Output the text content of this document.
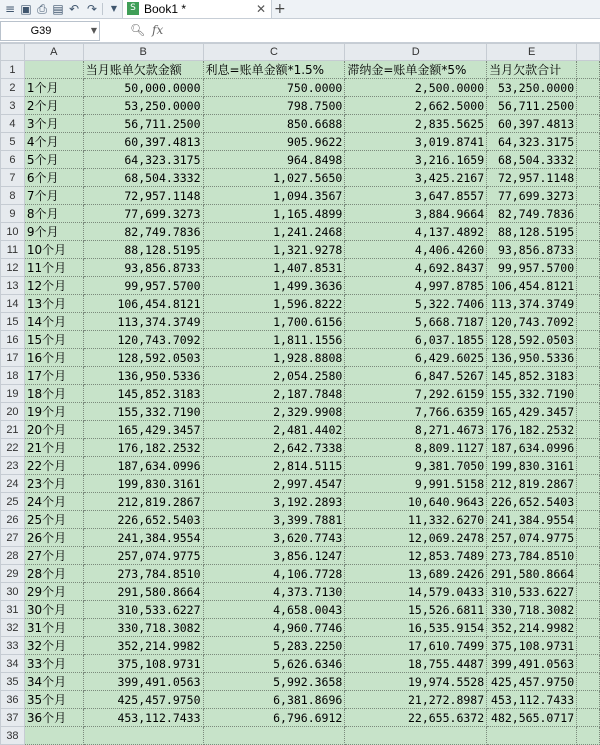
≡ ▣ ⎙ ▤ ↶ ↷	▼	S Book1 *	✕ +
G39	▼	🔍︎ fx
	A	B	C	D	E	
1		当月账单欠款金额	利息=账单金额*1.5%	滞纳金=账单金额*5%	当月欠款合计	
2	1个月	50,000.0000	750.0000	2,500.0000	53,250.0000	
3	2个月	53,250.0000	798.7500	2,662.5000	56,711.2500	
4	3个月	56,711.2500	850.6688	2,835.5625	60,397.4813	
5	4个月	60,397.4813	905.9622	3,019.8741	64,323.3175	
6	5个月	64,323.3175	964.8498	3,216.1659	68,504.3332	
7	6个月	68,504.3332	1,027.5650	3,425.2167	72,957.1148	
8	7个月	72,957.1148	1,094.3567	3,647.8557	77,699.3273	
9	8个月	77,699.3273	1,165.4899	3,884.9664	82,749.7836	
10	9个月	82,749.7836	1,241.2468	4,137.4892	88,128.5195	
11	10个月	88,128.5195	1,321.9278	4,406.4260	93,856.8733	
12	11个月	93,856.8733	1,407.8531	4,692.8437	99,957.5700	
13	12个月	99,957.5700	1,499.3636	4,997.8785	106,454.8121	
14	13个月	106,454.8121	1,596.8222	5,322.7406	113,374.3749	
15	14个月	113,374.3749	1,700.6156	5,668.7187	120,743.7092	
16	15个月	120,743.7092	1,811.1556	6,037.1855	128,592.0503	
17	16个月	128,592.0503	1,928.8808	6,429.6025	136,950.5336	
18	17个月	136,950.5336	2,054.2580	6,847.5267	145,852.3183	
19	18个月	145,852.3183	2,187.7848	7,292.6159	155,332.7190	
20	19个月	155,332.7190	2,329.9908	7,766.6359	165,429.3457	
21	20个月	165,429.3457	2,481.4402	8,271.4673	176,182.2532	
22	21个月	176,182.2532	2,642.7338	8,809.1127	187,634.0996	
23	22个月	187,634.0996	2,814.5115	9,381.7050	199,830.3161	
24	23个月	199,830.3161	2,997.4547	9,991.5158	212,819.2867	
25	24个月	212,819.2867	3,192.2893	10,640.9643	226,652.5403	
26	25个月	226,652.5403	3,399.7881	11,332.6270	241,384.9554	
27	26个月	241,384.9554	3,620.7743	12,069.2478	257,074.9775	
28	27个月	257,074.9775	3,856.1247	12,853.7489	273,784.8510	
29	28个月	273,784.8510	4,106.7728	13,689.2426	291,580.8664	
30	29个月	291,580.8664	4,373.7130	14,579.0433	310,533.6227	
31	30个月	310,533.6227	4,658.0043	15,526.6811	330,718.3082	
32	31个月	330,718.3082	4,960.7746	16,535.9154	352,214.9982	
33	32个月	352,214.9982	5,283.2250	17,610.7499	375,108.9731	
34	33个月	375,108.9731	5,626.6346	18,755.4487	399,491.0563	
35	34个月	399,491.0563	5,992.3658	19,974.5528	425,457.9750	
36	35个月	425,457.9750	6,381.8696	21,272.8987	453,112.7433	
37	36个月	453,112.7433	6,796.6912	22,655.6372	482,565.0717	
38						
